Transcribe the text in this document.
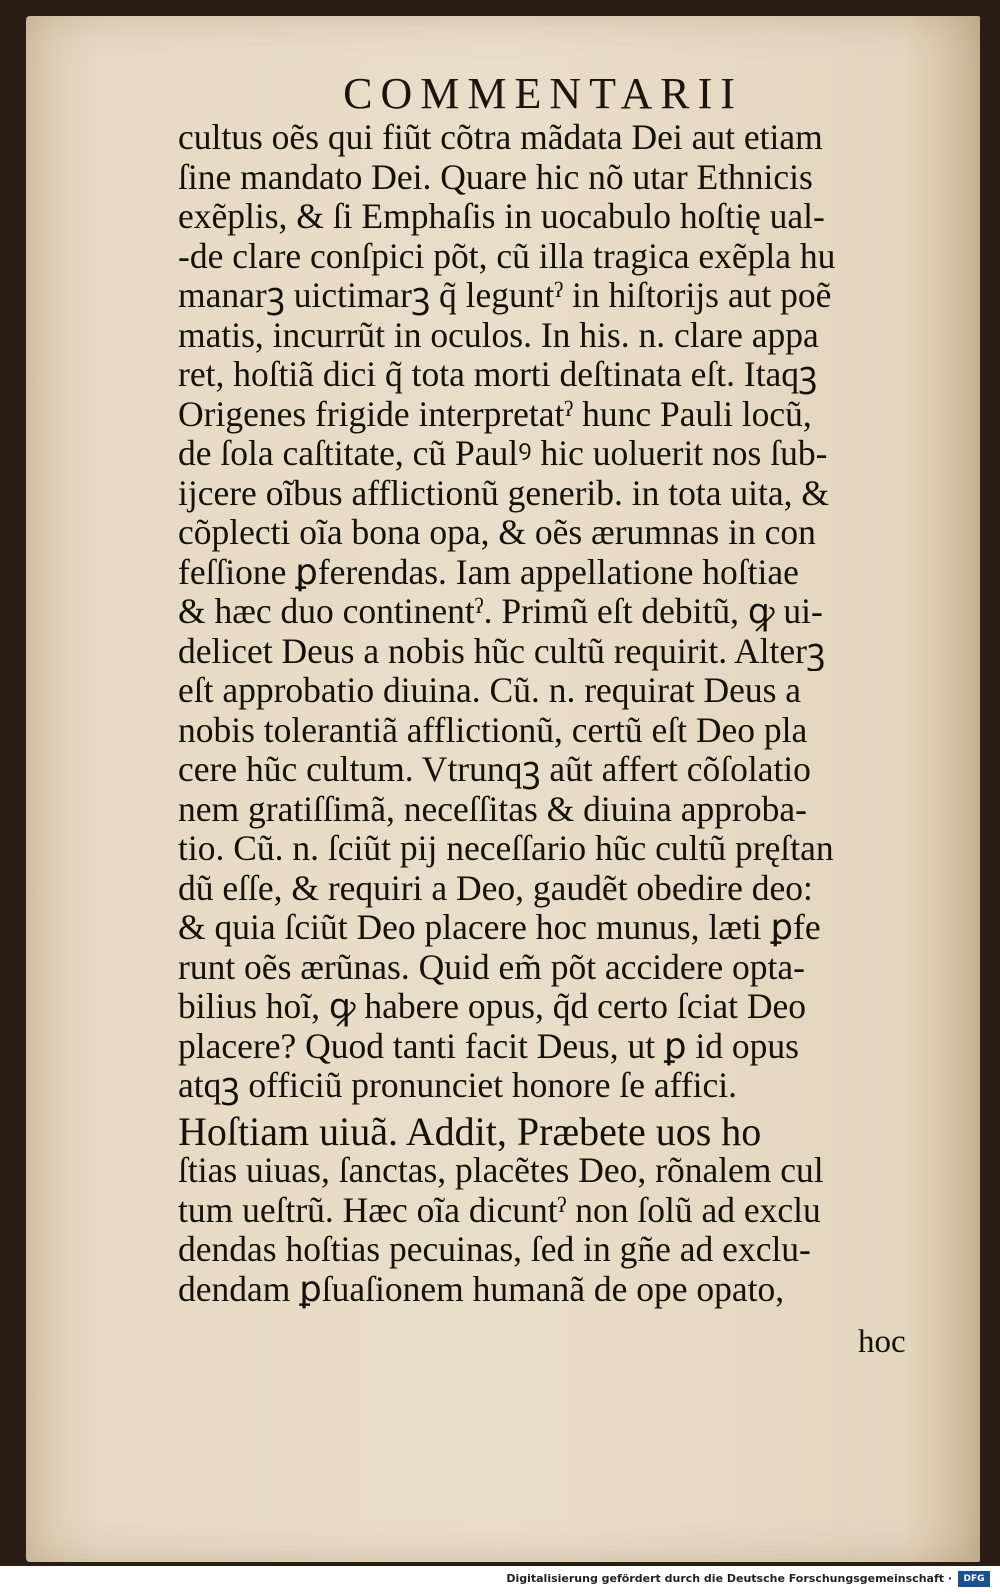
COMMENTARII
cultus oẽs qui fiũt cõtra mãdata Dei aut etiam
ſine mandato Dei. Quare hic nõ utar Ethnicis
exẽplis, & ſi Emphaſis in uocabulo hoſtię ual-
-de clare conſpici põt, cũ illa tragica exẽpla hu
manarꝫ uictimarꝫ q̃ leguntˀ in hiſtorijs aut poẽ
matis, incurrũt in oculos. In his. n. clare appa
ret, hoſtiã dici q̃ tota morti deſtinata eſt. Itaqꝫ
Origenes frigide interpretatˀ hunc Pauli locũ,
de ſola caſtitate, cũ Paulꝰ hic uoluerit nos ſub-
ijcere oĩbus afflictionũ generib. in tota uita, &
cõplecti oĩa bona opa, & oẽs ærumnas in con
feſſione ꝑferendas. Iam appellatione hoſtiae
& hæc duo continentˀ. Primũ eſt debitũ, ꝙ ui-
delicet Deus a nobis hũc cultũ requirit. Alterꝫ
eſt approbatio diuina. Cũ. n. requirat Deus a
nobis tolerantiã afflictionũ, certũ eſt Deo pla
cere hũc cultum. Vtrunqꝫ aũt affert cõſolatio
nem gratiſſimã, neceſſitas & diuina approba-
tio. Cũ. n. ſciũt pij neceſſario hũc cultũ pręſtan
dũ eſſe, & requiri a Deo, gaudẽt obedire deo:
& quia ſciũt Deo placere hoc munus, læti ꝑfe
runt oẽs ærũnas. Quid em̃ põt accidere opta-
bilius hoĩ, ꝙ habere opus, q̃d certo ſciat Deo
placere? Quod tanti facit Deus, ut ꝑ id opus
atqꝫ officiũ pronunciet honore ſe affici.
Hoſtiam uiuã. Addit, Præbete uos ho
ſtias uiuas, ſanctas, placẽtes Deo, rõnalem cul
tum ueſtrũ. Hæc oĩa dicuntˀ non ſolũ ad exclu
dendas hoſtias pecuinas, ſed in gñe ad exclu-
dendam ꝑſuaſionem humanã de ope opato,
hoc
Digitalisierung gefördert durch die Deutsche Forschungsgemeinschaft ·	DFG
